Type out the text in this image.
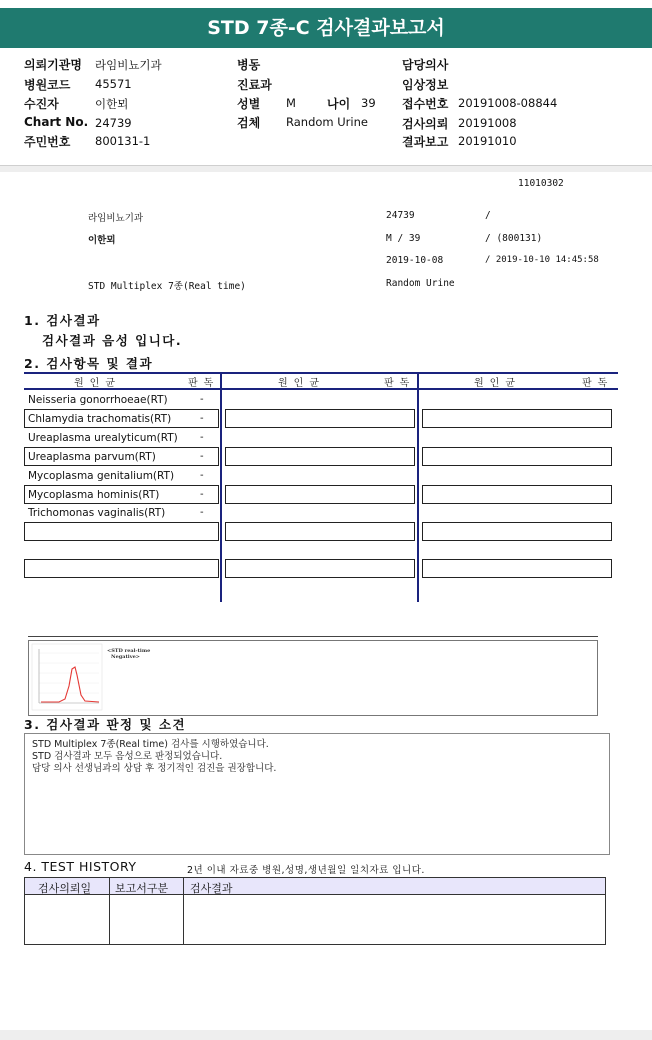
STD 7종-C 검사결과보고서
의뢰기관명 라임비뇨기과
병원코드 45571
수진자	이한뫼
Chart No. 24739
주민번호 800131-1
병동
진료과
성별 M	나이 39
검체 Random Urine
담당의사
임상정보
접수번호 20191008-08844
검사의뢰 20191008
결과보고 20191010
11010302
라임비뇨기과	24739	/
이한뫼	M / 39	/ (800131)
2019-10-08	/ 2019-10-10 14:45:58
STD Multiplex 7종(Real time)	Random Urine
1. 검사결과
검사결과 음성 입니다.
2. 검사항목 및 결과
원인균	판독	원인균	판독	원인균	판독
Neisseria gonorrhoeae(RT)	-
Chlamydia trachomatis(RT)	-
Ureaplasma urealyticum(RT) -
Ureaplasma parvum(RT)	-
Mycoplasma genitalium(RT)	-
Mycoplasma hominis(RT)	-
Trichomonas vaginalis(RT)	-
<STD real-time
Negative>
3. 검사결과 판정 및 소견
STD Multiplex 7종(Real time) 검사를 시행하였습니다.
STD 검사결과 모두 음성으로 판정되었습니다.
담당 의사 선생님과의 상담 후 정기적인 검진을 권장합니다.
4. TEST HISTORY	2년 이내 자료중 병원,성명,생년월일 일치자료 입니다.
검사의뢰일 보고서구분 검사결과
